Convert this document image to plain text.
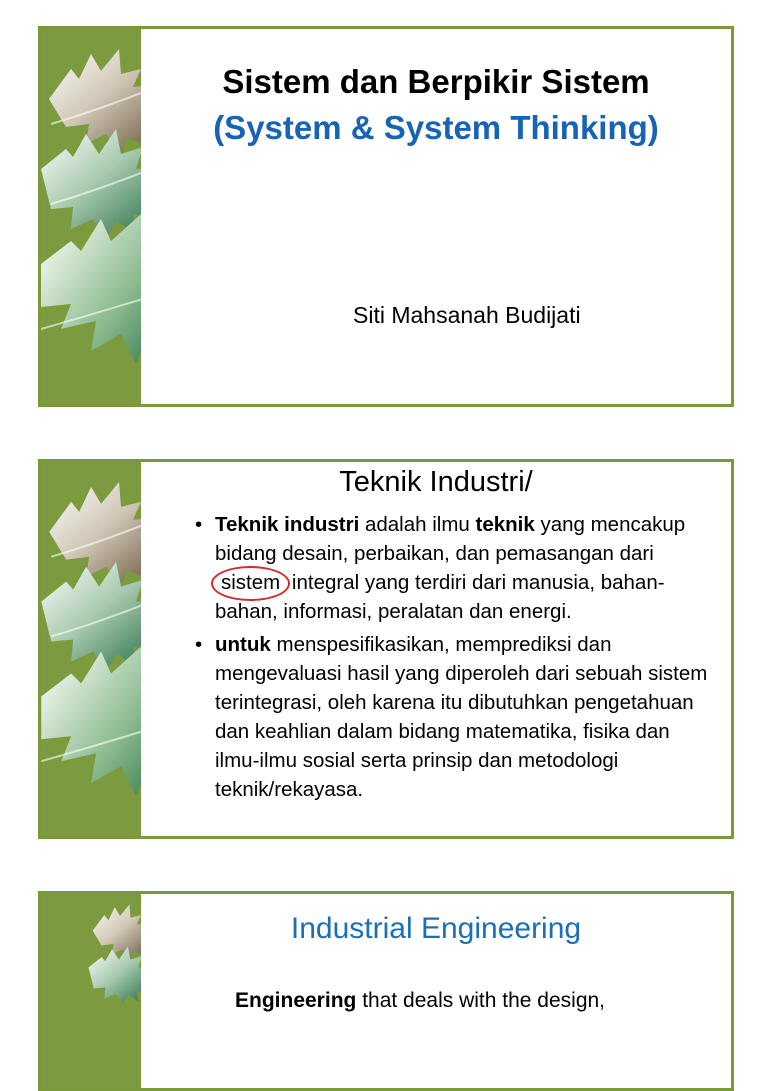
Sistem dan Berpikir Sistem
(System & System Thinking)
Siti Mahsanah Budijati
Teknik Industri/
• Teknik industri adalah ilmu teknik yang mencakup bidang desain, perbaikan, dan pemasangan darisistem
integral yang terdiri dari manusia, bahan-bahan, informasi, peralatan dan energi.
• untuk menspesifikasikan, memprediksi dan mengevaluasi hasil yang diperoleh dari sebuah sistem terintegrasi, oleh karena itu dibutuhkan pengetahuan dan keahlian dalam bidang matematika, fisika dan ilmu-ilmu sosial serta prinsip dan metodologi teknik/rekayasa.
Industrial Engineering
Engineering that deals with the design,
